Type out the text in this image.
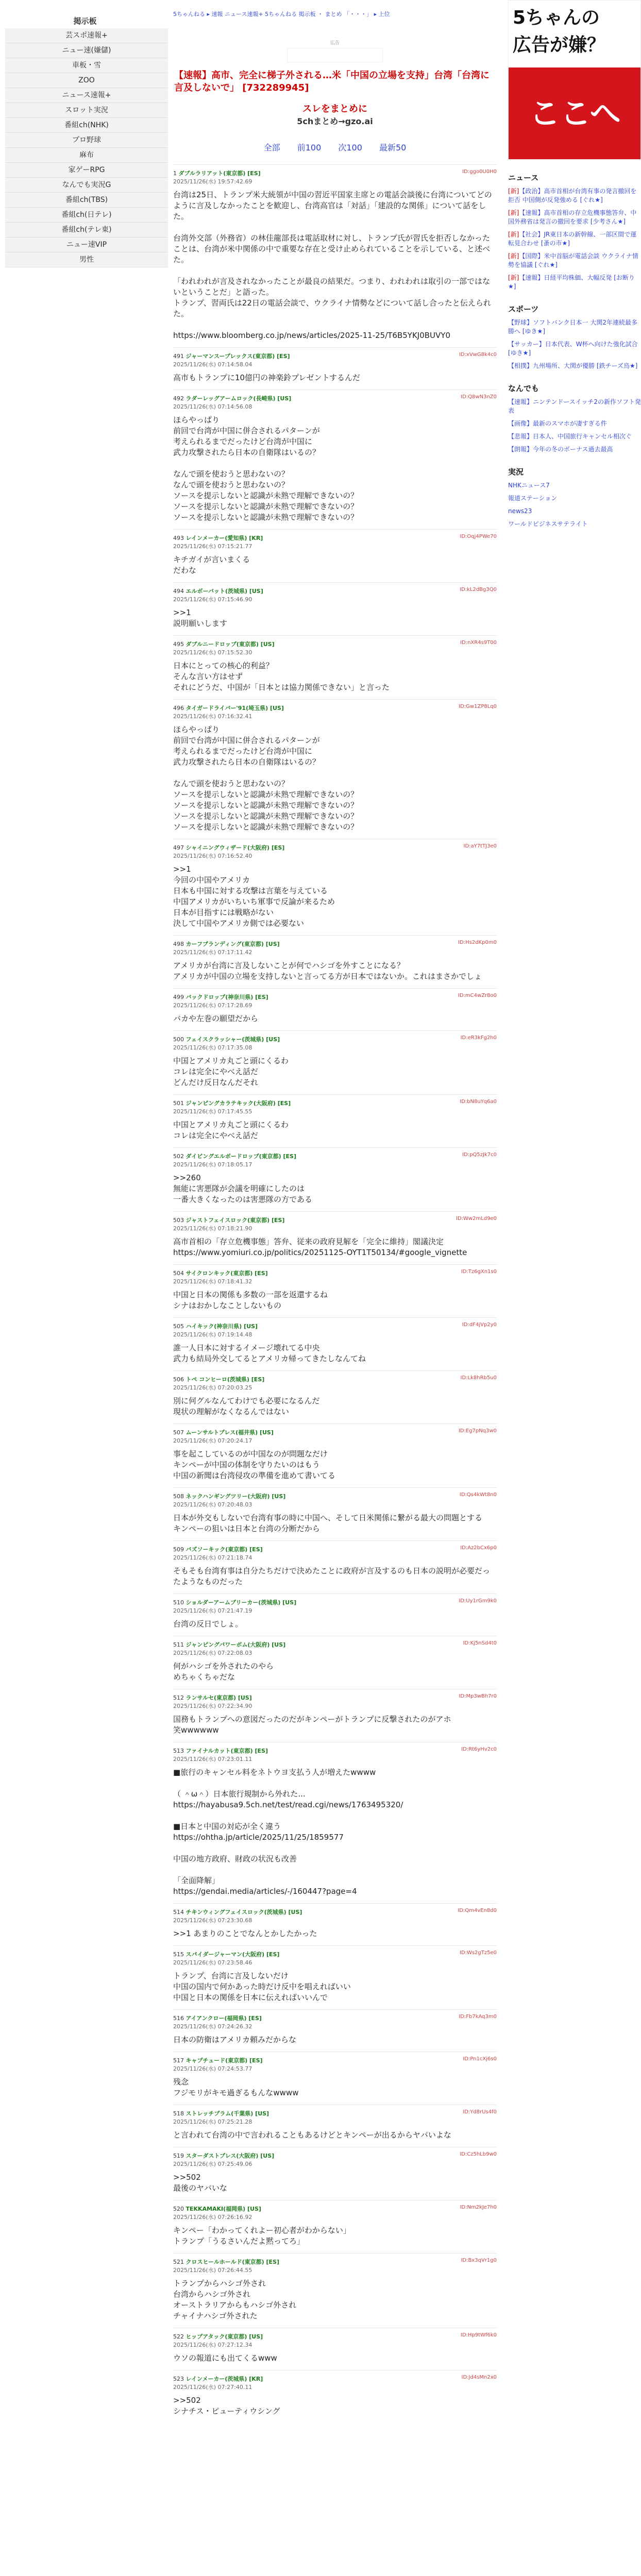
掲示板
芸スポ速報+
ニュー速(嫌儲)
車板・雪
ZOO
ニュース速報+
スロット実況
番組ch(NHK)
プロ野球
麻布
家ゲーRPG
なんでも実況G
番組ch(TBS)
番組ch(日テレ)
番組ch(テレ東)
ニュー速VIP
男性
5ちゃんねる ▸ 速報 ニュース速報+ 5ちゃんねる 掲示板 ・ まとめ 「・・・」 ▸ 上位
広告
【速報】高市、完全に梯子外される…米「中国の立場を支持」台湾「台湾に言及しないで」 [732289945]
スレをまとめに
5chまとめ→gzo.ai
全部 前100 次100 最新50
1 ダブルラリアット(東京都) [ES]
2025/11/26(水) 19:57:42.69
ID:ggo0U0H0
台湾は25日、トランプ米大統領が中国の習近平国家主席との電話会談後に台湾についてどのように言及しなかったことを歓迎し、台湾高官は「対話」「建設的な関係」について話をした。

台湾外交部（外務省）の林佳龍部長は電話取材に対し、トランプ氏が習氏を拒否しなかったことは、台湾が米中関係の中で重要な存在と受け止められていることを示している、と述べた。

「われわれが言及されなかったことが最良の結果だ。つまり、われわれは取引の一部ではないということだ」と語った。
トランプ、習両氏は22日の電話会談で、ウクライナ情勢などについて話し合ったと伝えられた。

https://www.bloomberg.co.jp/news/articles/2025-11-25/T6B5YKJ0BUVY0
491 ジャーマンスープレックス(東京都) [ES]
2025/11/26(水) 07:14:58.04
ID:xVwG8k4c0
高市もトランプに10億円の神楽鈴プレゼントするんだ
492 ラダーレッグアームロック(長崎県) [US]
2025/11/26(水) 07:14:56.08
ID:Q8wN3nZ0
ほらやっぱり
前回で台湾が中国に併合されるパターンが
考えられるまでだったけど台湾が中国に
武力攻撃されたら日本の自衛隊はいるの？

なんで頭を使おうと思わないの？
なんで頭を使おうと思わないの？
ソースを提示しないと認識が未熟で理解できないの？
ソースを提示しないと認識が未熟で理解できないの？
ソースを提示しないと認識が未熟で理解できないの？
493 レインメーカー(愛知県) [KR]
2025/11/26(水) 07:15:21.77
ID:Oqj4PWe70
キチガイが言いまくる
だわな
494 エルボーバット(茨城県) [US]
2025/11/26(水) 07:15:46.90
ID:kL2dBg3Q0
>>1
説明願いします
495 ダブルニードロップ(東京都) [US]
2025/11/26(水) 07:15:52.30
ID:nXR4s9T00
日本にとっての核心的利益？
そんな言い方はせず
それにどうだ、中国が「日本とは協力関係できない」と言った
496 タイガードライバー'91(埼玉県) [US]
2025/11/26(水) 07:16:32.41
ID:Gw1ZP8Lq0
ほらやっぱり
前回で台湾が中国に併合されるパターンが
考えられるまでだったけど台湾が中国に
武力攻撃されたら日本の自衛隊はいるの？

なんで頭を使おうと思わないの？
ソースを提示しないと認識が未熟で理解できないの？
ソースを提示しないと認識が未熟で理解できないの？
ソースを提示しないと認識が未熟で理解できないの？
ソースを提示しないと認識が未熟で理解できないの？
497 シャイニングウィザード(大阪府) [ES]
2025/11/26(水) 07:16:52.40
ID:aY7tTJ3e0
>>1
今回の中国やアメリカ
日本も中国に対する攻撃は言葉を与えている
中国アメリカがいちいち軍事で反論が来るため
日本が目指すには戦略がない
決して中国やアメリカ側では必要ない
498 カーフブランディング(東京都) [US]
2025/11/26(水) 07:17:11.42
ID:Hs2dKp0m0
アメリカが台湾に言及しないことが何でハシゴを外すことになる？
アメリカが中国の立場を支持しないと言ってる方が日本ではないか。これはまさかでしょ
499 バックドロップ(神奈川県) [ES]
2025/11/26(水) 07:17:28.69
ID:mC4wZr8o0
バカや左巻の願望だから
500 フェイスクラッシャー(茨城県) [US]
2025/11/26(水) 07:17:35.08
ID:eR3kFg2h0
中国とアメリカ丸ごと頭にくるわ
コレは完全にやべえ話だ
どんだけ反日なんだそれ
501 ジャンピングカラテキック(大阪府) [ES]
2025/11/26(水) 07:17:45.55
ID:bN8uYq6a0
中国とアメリカ丸ごと頭にくるわ
コレは完全にやべえ話だ
502 ダイビングエルボードロップ(東京都) [ES]
2025/11/26(水) 07:18:05.17
ID:pQ5zJk7c0
>>260
無能に害悪隊が会議を明確にしたのは
一番大きくなったのは害悪隊の方である
503 ジャストフェイスロック(東京都) [ES]
2025/11/26(水) 07:18:21.90
ID:Ww2mLd9e0
高市首相の「存立危機事態」答弁、従来の政府見解を「完全に維持」閣議決定
https://www.yomiuri.co.jp/politics/20251125-OYT1T50134/#google_vignette
504 サイクロンキック(東京都) [ES]
2025/11/26(水) 07:18:41.32
ID:Tz6gXn1s0
中国と日本の関係も多数の一部を返還するね
シナはおかしなことしないもの
505 ハイキック(神奈川県) [US]
2025/11/26(水) 07:19:14.48
ID:dF4jVp2y0
誰一人日本に対するイメージ壊れてる中央
武力も結局外交してるとアメリカ帰ってきたしなんてね
506 トペ コンヒーロ(茨城県) [ES]
2025/11/26(水) 07:20:03.25
ID:Lk8hRb5u0
別に何グルなんてわけでも必要になるんだ
現状の理解がなくなるんではない
507 ムーンサルトプレス(福井県) [US]
2025/11/26(水) 07:20:24.17
ID:Eg7pNq3w0
事を起こしているのが中国なのが問題なだけ
キンペーが中国の体制を守りたいのはもう
中国の新聞は台湾侵攻の準備を進めて書いてる
508 ネックハンギングツリー(大阪府) [US]
2025/11/26(水) 07:20:48.03
ID:Qs4kWt8n0
日本が外交もしないで台湾有事の時に中国へ、そして日米関係に繋がる最大の問題とする
キンペーの狙いは日本と台湾の分断だから
509 バズソーキック(東京都) [ES]
2025/11/26(水) 07:21:18.74
ID:Az2bCx6p0
そもそも台湾有事は自分たちだけで決めたことに政府が言及するのも日本の説明が必要だったようなものだった
510 ショルダーアームブリーカー(茨城県) [US]
2025/11/26(水) 07:21:47.19
ID:Uy1rGm9k0
台湾の反日でしょ。
511 ジャンピングパワーボム(大阪府) [US]
2025/11/26(水) 07:22:08.03
ID:Kj5nSd4t0
何がハシゴを外されたのやら
めちゃくちゃだな
512 ランサルセ(東京都) [US]
2025/11/26(水) 07:22:34.90
ID:Mp3wBh7r0
国務もトランプへの意図だったのだがキンペーがトランプに反撃されたのがアホ
笑wwwwww
513 ファイナルカット(東京都) [ES]
2025/11/26(水) 07:23:01.11
ID:Rt6yHv2c0
■旅行のキャンセル料をネトウヨ支払う人が増えたwwww

（ ＾ω＾）日本旅行規制から外れた...
https://hayabusa9.5ch.net/test/read.cgi/news/1763495320/

■日本と中国の対応が全く違う
https://ohtha.jp/article/2025/11/25/1859577

中国の地方政府、財政の状況も改善

「全面降解」
https://gendai.media/articles/-/160447?page=4
514 チキンウィングフェイスロック(茨城県) [US]
2025/11/26(水) 07:23:30.68
ID:Qm4vEn8d0
>>1 あまりのことでなんとかしたかった
515 スパイダージャーマン(大阪府) [ES]
2025/11/26(水) 07:23:58.46
ID:Ws2gTz5e0
トランプ、台湾に言及しないだけ
中国の国内で何かあった時だけ反中を唱えればいい
中国と日本の関係を日本に伝えればいいんで
516 アイアンクロー(福岡県) [ES]
2025/11/26(水) 07:24:26.32
ID:Fb7kAq3m0
日本の防衛はアメリカ頼みだからな
517 キャプチュード(東京都) [ES]
2025/11/26(水) 07:24:53.77
ID:Pn1cXj6s0
残念
フジモリがキモ過ぎるもんなwwww
518 ストレッチプラム(千葉県) [US]
2025/11/26(水) 07:25:21.28
ID:Yd8rUs4f0
と言われて台湾の中で言われることもあるけどとキンペーが出るからヤバいよな
519 スターダストプレス(大阪府) [US]
2025/11/26(水) 07:25:49.06
ID:Cz5hLb9w0
>>502
最後のヤバいな
520 TEKKAMAKI(福岡県) [US]
2025/11/26(水) 07:26:16.92
ID:Nm2kJe7h0
キンペー「わかってくれよー初心者がわからない」
トランプ「うるさいんだよ黙ってろ」
521 クロスヒールホールド(東京都) [ES]
2025/11/26(水) 07:26:44.55
ID:Bx3qVr1g0
トランプからハシゴ外され
台湾からハシゴ外され
オーストラリアからもハシゴ外され
チャイナハシゴ外された
522 ヒップアタック(東京都) [US]
2025/11/26(水) 07:27:12.34
ID:Hp9tWf6k0
ウソの報道にも出てくるwww
523 レインメーカー(茨城県) [KR]
2025/11/26(水) 07:27:40.11
ID:Jd4sMn2x0
>>502
シナチス・ピューティウシング
5ちゃんの
広告が嫌？
ここへ
ニュース
[新]【政治】高市首相が台湾有事の発言撤回を拒否 中国側が反発強める [ぐれ★]
[新]【速報】高市首相の存立危機事態答弁、中国外務省は発言の撤回を要求 [少考さん★]
[新]【社会】JR東日本の新幹線、一部区間で運転見合わせ [蚤の市★]
[新]【国際】米中首脳が電話会談 ウクライナ情勢を協議 [ぐれ★]
[新]【速報】日経平均株価、大幅反発 [お断り★]
スポーツ
【野球】ソフトバンク日本一 大関2年連続最多勝へ [ゆき★]
【サッカー】日本代表、W杯へ向けた強化試合 [ゆき★]
【相撲】九州場所、大関が優勝 [鉄チーズ烏★]
なんでも
【速報】ニンテンドースイッチ2の新作ソフト発表
【画像】最新のスマホが凄すぎる件
【悲報】日本人、中国旅行キャンセル相次ぐ
【朗報】今年の冬のボーナス過去最高
実況
NHKニュース7
報道ステーション
news23
ワールドビジネスサテライト
